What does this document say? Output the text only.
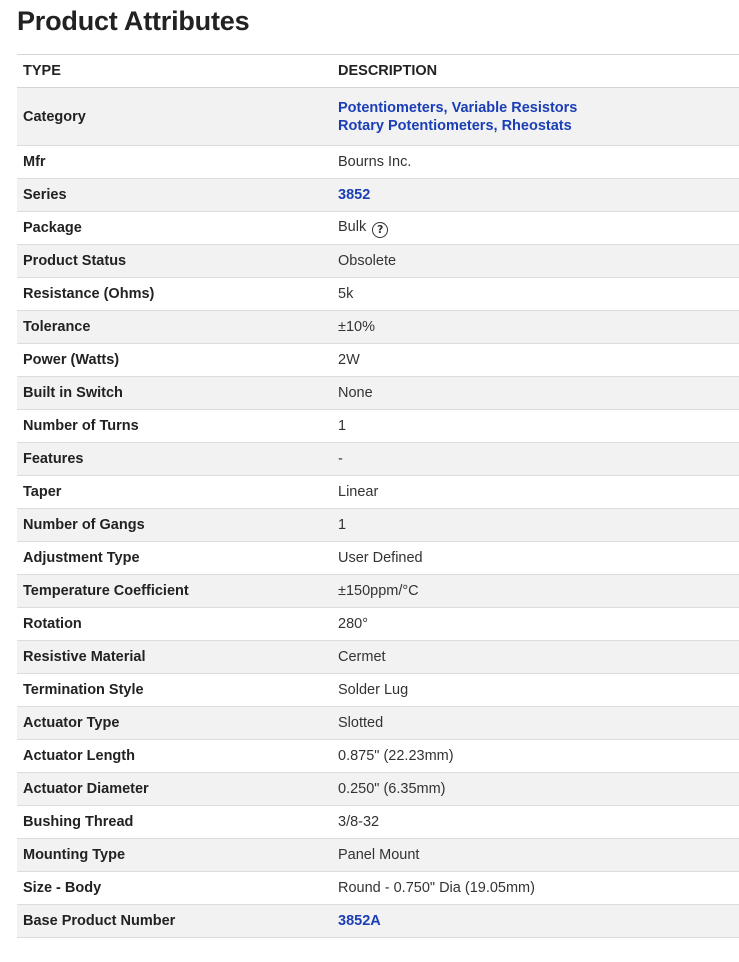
Product Attributes
TYPE	DESCRIPTION
Category	Potentiometers, Variable Resistors
Rotary Potentiometers, Rheostats

Mfr	Bourns Inc.
Series	3852
Package	Bulk ?
Product Status	Obsolete
Resistance (Ohms)	5k
Tolerance	±10%
Power (Watts)	2W
Built in Switch	None
Number of Turns	1
Features	-
Taper	Linear
Number of Gangs	1
Adjustment Type	User Defined
Temperature Coefficient	±150ppm/°C
Rotation	280°
Resistive Material	Cermet
Termination Style	Solder Lug
Actuator Type	Slotted
Actuator Length	0.875" (22.23mm)
Actuator Diameter	0.250" (6.35mm)
Bushing Thread	3/8-32
Mounting Type	Panel Mount
Size - Body	Round - 0.750" Dia (19.05mm)
Base Product Number	3852A
